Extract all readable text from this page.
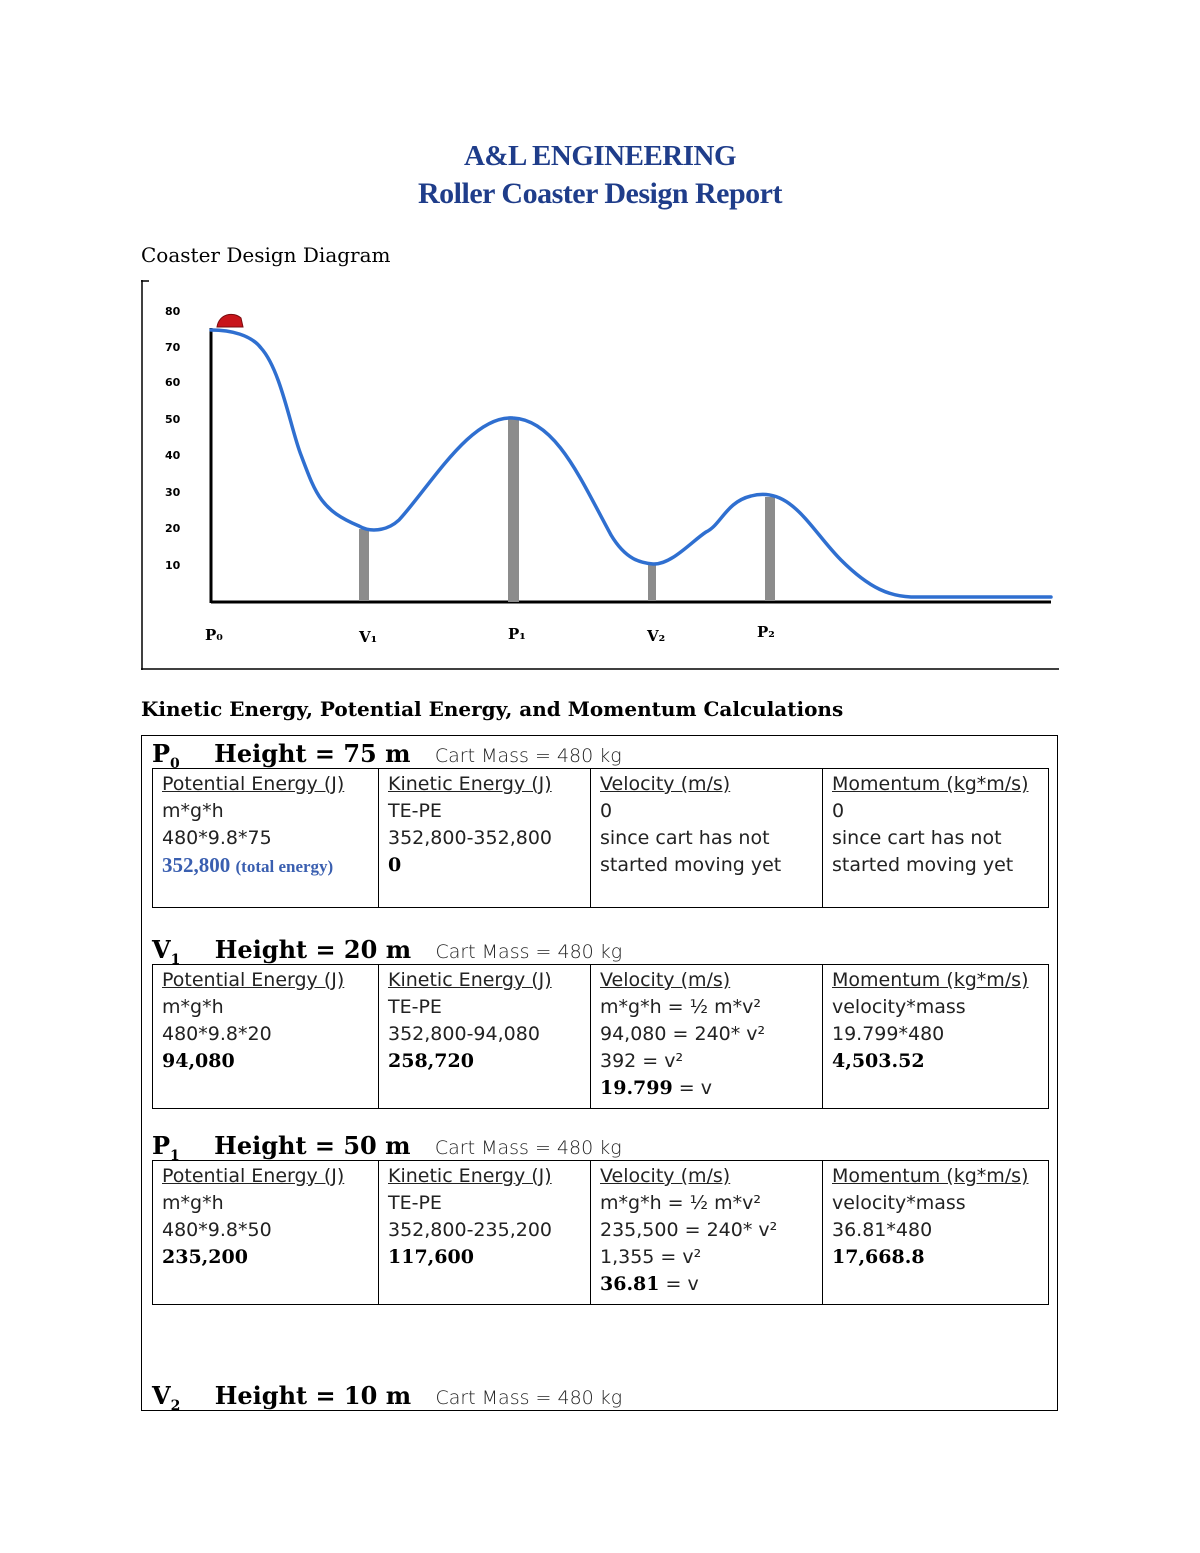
A&L ENGINEERING
Roller Coaster Design Report
Coaster Design Diagram
80
70
60
50
40
30
20
10
P₀	V₁	P₁	V₂	P₂
Kinetic Energy, Potential Energy, and Momentum Calculations
$P_0$ Height = 75 m Cart Mass = 480 kg
Potential Energy (J)
m*g*h
480*9.8*75
352,800 (total energy)

Kinetic Energy (J)
TE-PE
352,800-352,800
0

Velocity (m/s)
0
since cart has not
started moving yet

Momentum (kg*m/s)
0
since cart has not
started moving yet
$V_1$ Height = 20 m Cart Mass = 480 kg
Potential Energy (J)
m*g*h
480*9.8*20
94,080

Kinetic Energy (J)
TE-PE
352,800-94,080
258,720

Velocity (m/s)
m*g*h = ½ m*v²
94,080 = 240* v²
392 = v²
19.799 = v

Momentum (kg*m/s)
velocity*mass
19.799*480
4,503.52
$P_1$ Height = 50 m Cart Mass = 480 kg
Potential Energy (J)
m*g*h
480*9.8*50
235,200

Kinetic Energy (J)
TE-PE
352,800-235,200
117,600

Velocity (m/s)
m*g*h = ½ m*v²
235,500 = 240* v²
1,355 = v²
36.81 = v

Momentum (kg*m/s)
velocity*mass
36.81*480
17,668.8
$V_2$ Height = 10 m Cart Mass = 480 kg
